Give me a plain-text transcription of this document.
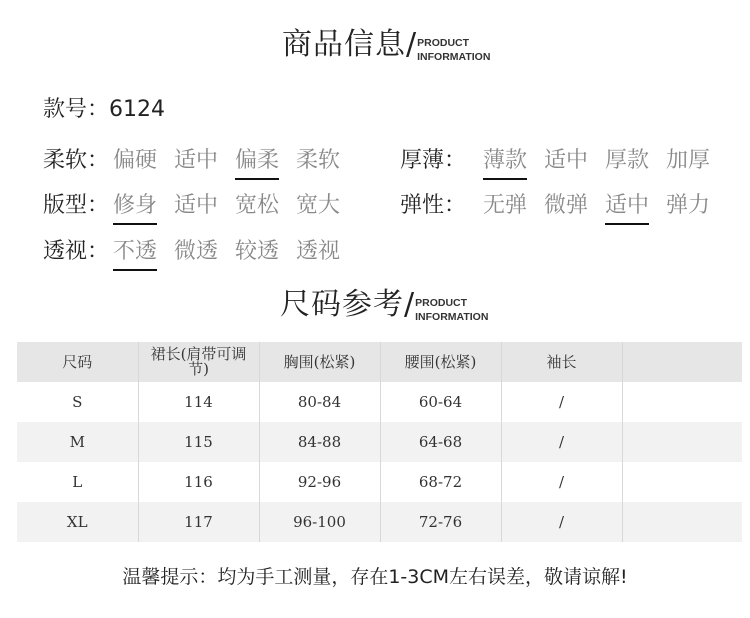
商品信息/ PRODUCT
INFORMATION
款号：6124
柔软： 偏硬 适中 偏柔 柔软	厚薄： 薄款 适中 厚款 加厚
版型： 修身 适中 宽松 宽大	弹性： 无弹 微弹 适中 弹力
透视： 不透 微透 较透 透视
尺码参考/ PRODUCT
INFORMATION
尺码	裙长(肩带可调节)	胸围(松紧)	腰围(松紧)	袖长	
S	114	80-84	60-64	/	
M	115	84-88	64-68	/	
L	116	92-96	68-72	/	
XL	117	96-100	72-76	/	
温馨提示：均为手工测量，存在1-3CM左右误差，敬请谅解!
